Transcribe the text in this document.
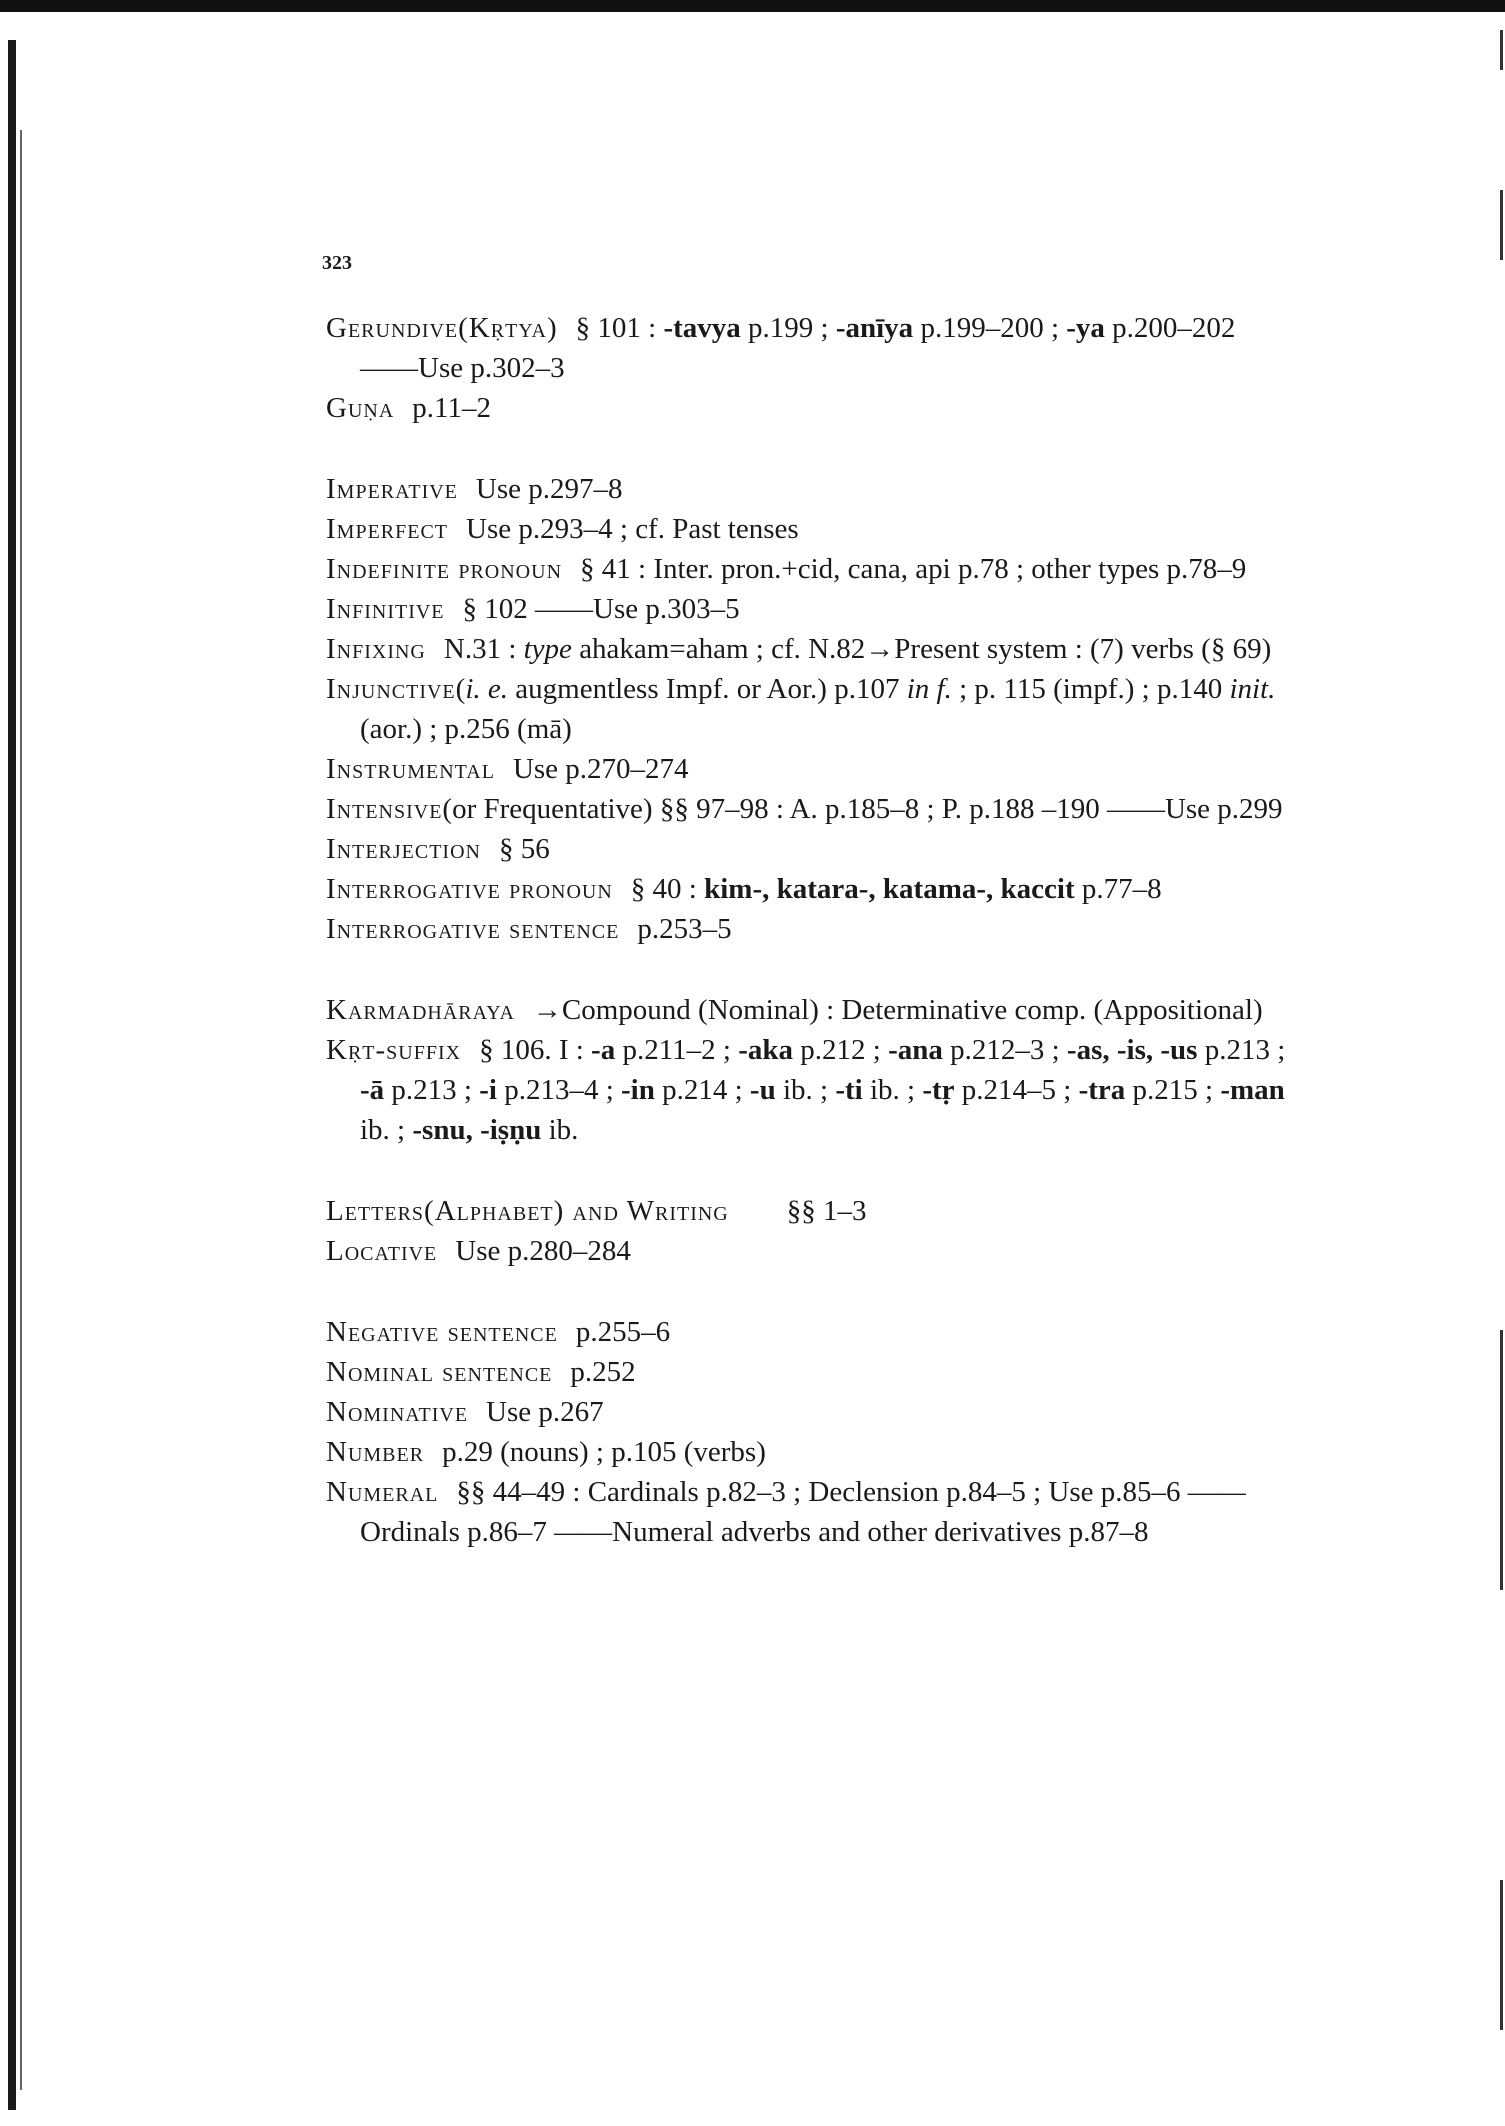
323
Gerundive(Kṛtya) § 101 : -tavya p.199 ; -anīya p.199–200 ; -ya p.200–202 ——Use p.302–3
Guṇa p.11–2
Imperative Use p.297–8
Imperfect Use p.293–4 ; cf. Past tenses
Indefinite pronoun § 41 : Inter. pron.+cid, cana, api p.78 ; other types p.78–9
Infinitive § 102 ——Use p.303–5
Infixing N.31 : type ahakam=aham ; cf. N.82→Present system : (7) verbs (§ 69)
Injunctive(i. e. augmentless Impf. or Aor.) p.107 in f. ; p. 115 (impf.) ; p.140 init. (aor.) ; p.256 (mā)
Instrumental Use p.270–274
Intensive(or Frequentative) §§ 97–98 : A. p.185–8 ; P. p.188 –190 ——Use p.299
Interjection § 56
Interrogative pronoun § 40 : kim-, katara-, katama-, kaccit p.77–8
Interrogative sentence p.253–5
Karmadhāraya →Compound (Nominal) : Determinative comp. (Appositional)
Kṛt-suffix § 106. I : -a p.211–2 ; -aka p.212 ; -ana p.212–3 ; -as, -is, -us p.213 ; -ā p.213 ; -i p.213–4 ; -in p.214 ; -u ib. ; -ti ib. ; -tṛ p.214–5 ; -tra p.215 ; -man ib. ; -snu, -iṣṇu ib.
Letters(Alphabet) and Writing §§ 1–3
Locative Use p.280–284
Negative sentence p.255–6
Nominal sentence p.252
Nominative Use p.267
Number p.29 (nouns) ; p.105 (verbs)
Numeral §§ 44–49 : Cardinals p.82–3 ; Declension p.84–5 ; Use p.85–6 ——Ordinals p.86–7 ——Numeral adverbs and other derivatives p.87–8
